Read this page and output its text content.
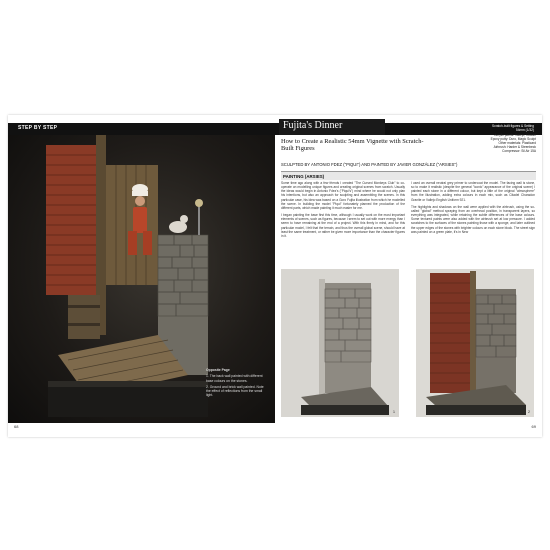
STEP BY STEP
Opposite Page
1. The back wall painted with different base colours on the stones.
2. Ground and brick wall painted. Note the effect of reflections from the small light.
68
Fujita's Dinner	Scratch-built figures & Setting 54mm (1/32)
Acrylic paints: Vallejo, Citadel
Epoxy putty: Duro, Magic Sculpt
Other materials: Plasticard
Airbrush: Harder & Steenbeck
Compressor: Sil Air 15A
How to Create a Realistic 54mm Vignette with Scratch-Built Figures
SCULPTED BY ANTONIO FDEZ ("PIQUI") AND PAINTED BY JAVIER GONZÁLEZ ("ARSIES")
PAINTING (ARSIES)

Some time ago along with a few friends I created "The Cursed Monkeys Club" to co-operate on modelling unique figures and creating original scenes from scratch. Usually the ideas would begin in Antonio Fdez's ("Piqui's") mind where he would not only plan his intentions, but also an approach for sculpting and assembling the scenes. In this particular case, his idea was based on a Goro Fujita illustration from which he modelled the scene. In building the model "Piqui" fortunately planned the production of the different parts, which made painting it much easier for me.

I began painting the base first this time, although I usually work on the most important elements of scenes, such as figures, because I seem to set out with more energy than I seem to have remaining at the end of a project. With this firmly in mind, and for this particular model, I felt that the terrain, and thus the overall global scene, should have at least the same treatment, or rather be given more importance than the character figures in it.

I used an overall neutral grey primer to undercoat the model. The facing wall is stone, so to make it realistic (despite the general "iconic" appearance of the original scene) I painted each stone in a different colour, but kept a little of the original "atmosphere" from the illustration, adding extra colours in each mix, such as Citadel Charadon Granite or Vallejo English Uniform 921.

The highlights and shadows on the wall were applied with the airbrush, using the so-called "global" method spraying from an overhead position, in transparent layers, so everything was integrated, while retaining the subtle differences of the base colours. Some textured paints were also added with the airbrush set at low pressure. I added scratches to the surfaces of the stones painting those with a sponge, and later outlined the upper edges of the stones with brighter colours on each stone block. The street sign was painted on a green plate, it's in New

1	2
69
